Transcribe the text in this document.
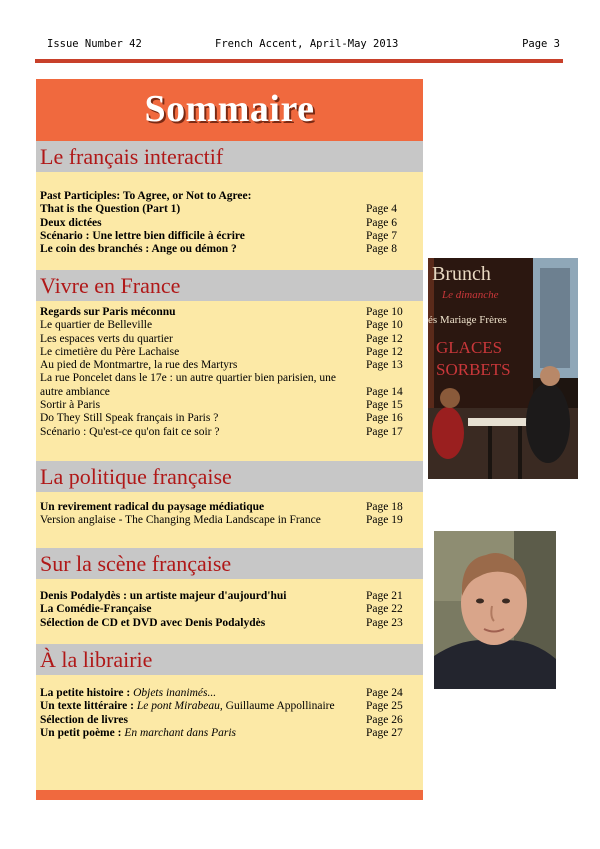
Issue Number 42	French Accent, April-May 2013	Page 3
Sommaire
Le français interactif
Past Participles: To Agree, or Not to Agree:
That is the Question (Part 1)	Page 4
Deux dictées	Page 6
Scénario : Une lettre bien difficile à écrire	Page 7
Le coin des branchés : Ange ou démon ?	Page 8
Vivre en France
Regards sur Paris méconnu	Page 10
Le quartier de Belleville	Page 10
Les espaces verts du quartier	Page 12
Le cimetière du Père Lachaise	Page 12
Au pied de Montmartre, la rue des Martyrs	Page 13
La rue Poncelet dans le 17e : un autre quartier bien parisien, une autre ambiance	Page 14
Sortir à Paris	Page 15
Do They Still Speak français in Paris ?	Page 16
Scénario : Qu'est-ce qu'on fait ce soir ?	Page 17
La politique française
Un revirement radical du paysage médiatique	Page 18
Version anglaise - The Changing Media Landscape in France	Page 19
Sur la scène française
Denis Podalydès : un artiste majeur d'aujourd'hui	Page 21
La Comédie-Française	Page 22
Sélection de CD et DVD avec Denis Podalydès	Page 23
À la librairie
La petite histoire : Objets inanimés...	Page 24
Un texte littéraire : Le pont Mirabeau, Guillaume Appollinaire	Page 25
Sélection de livres	Page 26
Un petit poème : En marchant dans Paris	Page 27
Brunch
Le dimanche
és Mariage Frères
GLACES
SORBETS
